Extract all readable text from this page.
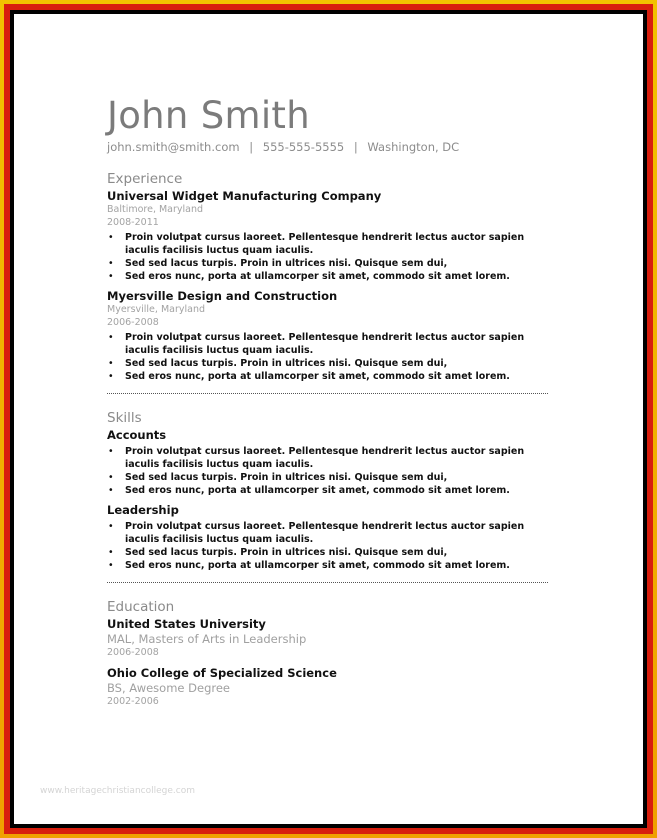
John Smith
john.smith@smith.com | 555-555-5555 | Washington, DC
Experience
Universal Widget Manufacturing Company
Baltimore, Maryland
2008-2011
• Proin volutpat cursus laoreet. Pellentesque hendrerit lectus auctor sapien iaculis facilisis luctus quam iaculis.
• Sed sed lacus turpis. Proin in ultrices nisi. Quisque sem dui,
• Sed eros nunc, porta at ullamcorper sit amet, commodo sit amet lorem.
Myersville Design and Construction
Myersville, Maryland
2006-2008
• Proin volutpat cursus laoreet. Pellentesque hendrerit lectus auctor sapien iaculis facilisis luctus quam iaculis.
• Sed sed lacus turpis. Proin in ultrices nisi. Quisque sem dui,
• Sed eros nunc, porta at ullamcorper sit amet, commodo sit amet lorem.
Skills
Accounts
• Proin volutpat cursus laoreet. Pellentesque hendrerit lectus auctor sapien iaculis facilisis luctus quam iaculis.
• Sed sed lacus turpis. Proin in ultrices nisi. Quisque sem dui,
• Sed eros nunc, porta at ullamcorper sit amet, commodo sit amet lorem.
Leadership
• Proin volutpat cursus laoreet. Pellentesque hendrerit lectus auctor sapien iaculis facilisis luctus quam iaculis.
• Sed sed lacus turpis. Proin in ultrices nisi. Quisque sem dui,
• Sed eros nunc, porta at ullamcorper sit amet, commodo sit amet lorem.
Education
United States University
MAL, Masters of Arts in Leadership
2006-2008
Ohio College of Specialized Science
BS, Awesome Degree
2002-2006
www.heritagechristiancollege.com
